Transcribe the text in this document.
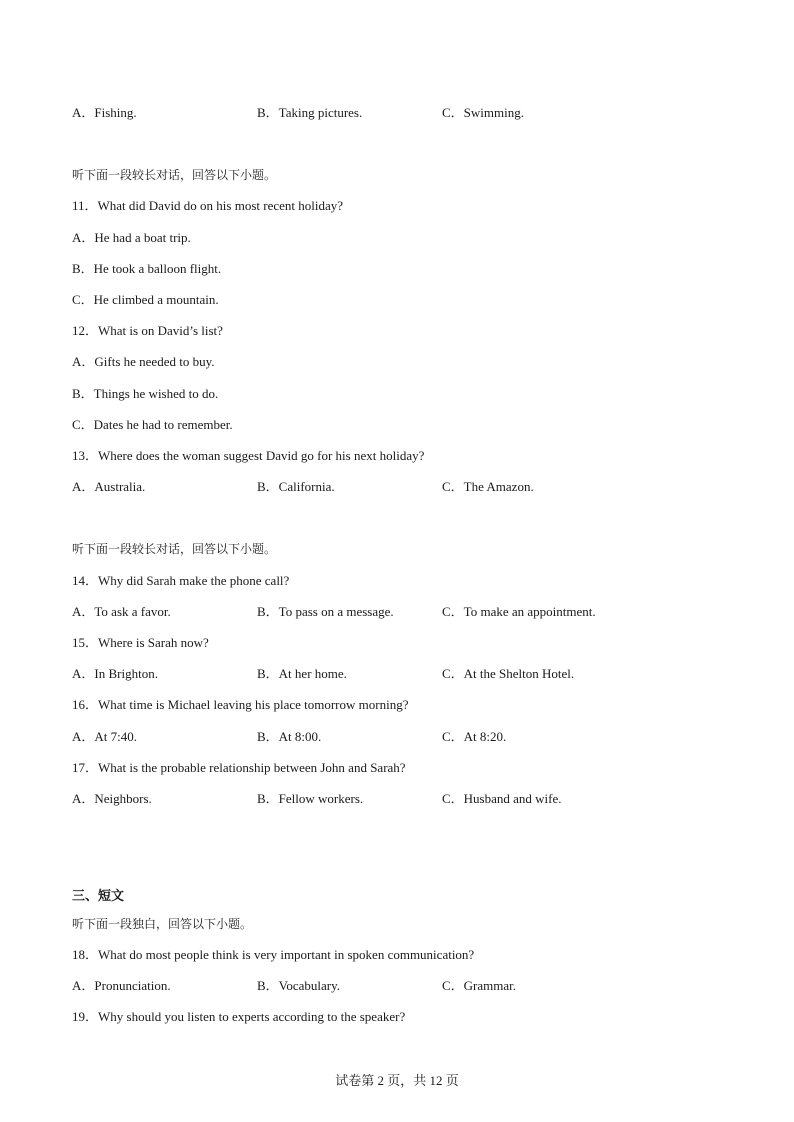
A．Fishing.	B．Taking pictures.	C．Swimming.
听下面一段较长对话，回答以下小题。
11．What did David do on his most recent holiday?
A．He had a boat trip.
B．He took a balloon flight.
C．He climbed a mountain.
12．What is on David’s list?
A．Gifts he needed to buy.
B．Things he wished to do.
C．Dates he had to remember.
13．Where does the woman suggest David go for his next holiday?
A．Australia.	B．California.	C．The Amazon.
听下面一段较长对话，回答以下小题。
14．Why did Sarah make the phone call?
A．To ask a favor.	B．To pass on a message.	C．To make an appointment.
15．Where is Sarah now?
A．In Brighton.	B．At her home.	C．At the Shelton Hotel.
16．What time is Michael leaving his place tomorrow morning?
A．At 7:40.	B．At 8:00.	C．At 8:20.
17．What is the probable relationship between John and Sarah?
A．Neighbors.	B．Fellow workers.	C．Husband and wife.
三、短文
听下面一段独白，回答以下小题。
18．What do most people think is very important in spoken communication?
A．Pronunciation.	B．Vocabulary.	C．Grammar.
19．Why should you listen to experts according to the speaker?
试卷第 2 页，共 12 页
